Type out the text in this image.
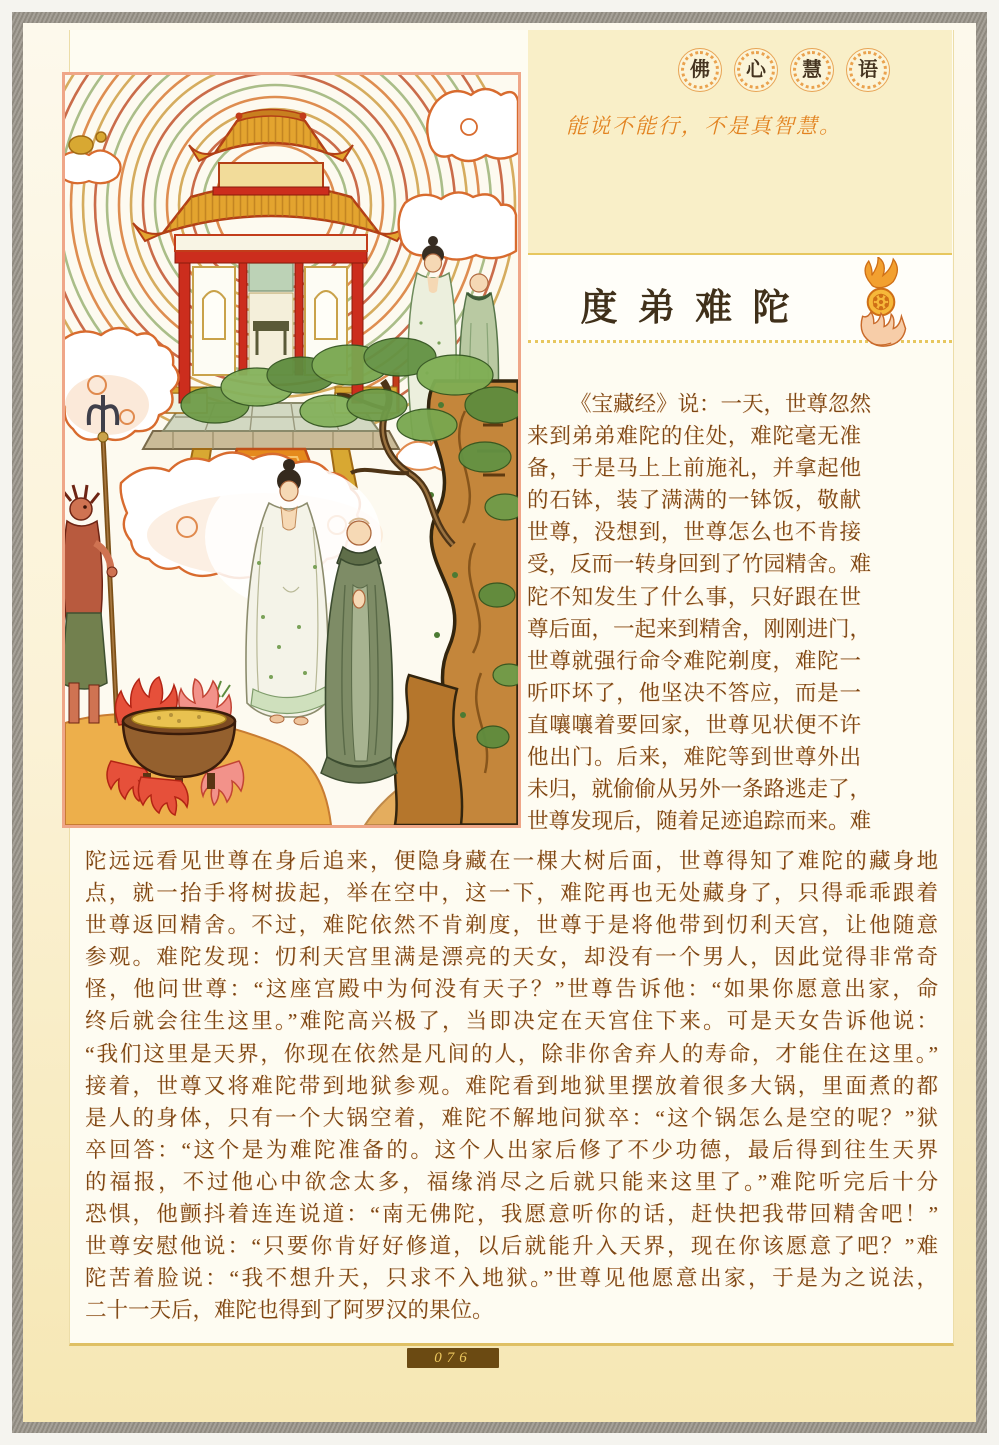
佛 心 慧 语
能说不能行，不是真智慧。
度弟难陀
《宝藏经》说：一天，世尊忽然
来到弟弟难陀的住处，难陀毫无准
备，于是马上上前施礼，并拿起他
的石钵，装了满满的一钵饭，敬献
世尊，没想到，世尊怎么也不肯接
受，反而一转身回到了竹园精舍。难
陀不知发生了什么事，只好跟在世
尊后面，一起来到精舍，刚刚进门，
世尊就强行命令难陀剃度，难陀一
听吓坏了，他坚决不答应，而是一
直嚷嚷着要回家，世尊见状便不许
他出门。后来，难陀等到世尊外出
未归，就偷偷从另外一条路逃走了，
世尊发现后，随着足迹追踪而来。难
陀远远看见世尊在身后追来，便隐身藏在一棵大树后面，世尊得知了难陀的藏身地
点，就一抬手将树拔起，举在空中，这一下，难陀再也无处藏身了，只得乖乖跟着
世尊返回精舍。不过，难陀依然不肯剃度，世尊于是将他带到忉利天宫，让他随意
参观。难陀发现：忉利天宫里满是漂亮的天女，却没有一个男人，因此觉得非常奇
怪，他问世尊：“这座宫殿中为何没有天子？”世尊告诉他：“如果你愿意出家，命
终后就会往生这里。”难陀高兴极了，当即决定在天宫住下来。可是天女告诉他说：
“我们这里是天界，你现在依然是凡间的人，除非你舍弃人的寿命，才能住在这里。”
接着，世尊又将难陀带到地狱参观。难陀看到地狱里摆放着很多大锅，里面煮的都
是人的身体，只有一个大锅空着，难陀不解地问狱卒：“这个锅怎么是空的呢？”狱
卒回答：“这个是为难陀准备的。这个人出家后修了不少功德，最后得到往生天界
的福报，不过他心中欲念太多，福缘消尽之后就只能来这里了。”难陀听完后十分
恐惧，他颤抖着连连说道：“南无佛陀，我愿意听你的话，赶快把我带回精舍吧！”
世尊安慰他说：“只要你肯好好修道，以后就能升入天界，现在你该愿意了吧？”难
陀苦着脸说：“我不想升天，只求不入地狱。”世尊见他愿意出家，于是为之说法，
二十一天后，难陀也得到了阿罗汉的果位。
076
